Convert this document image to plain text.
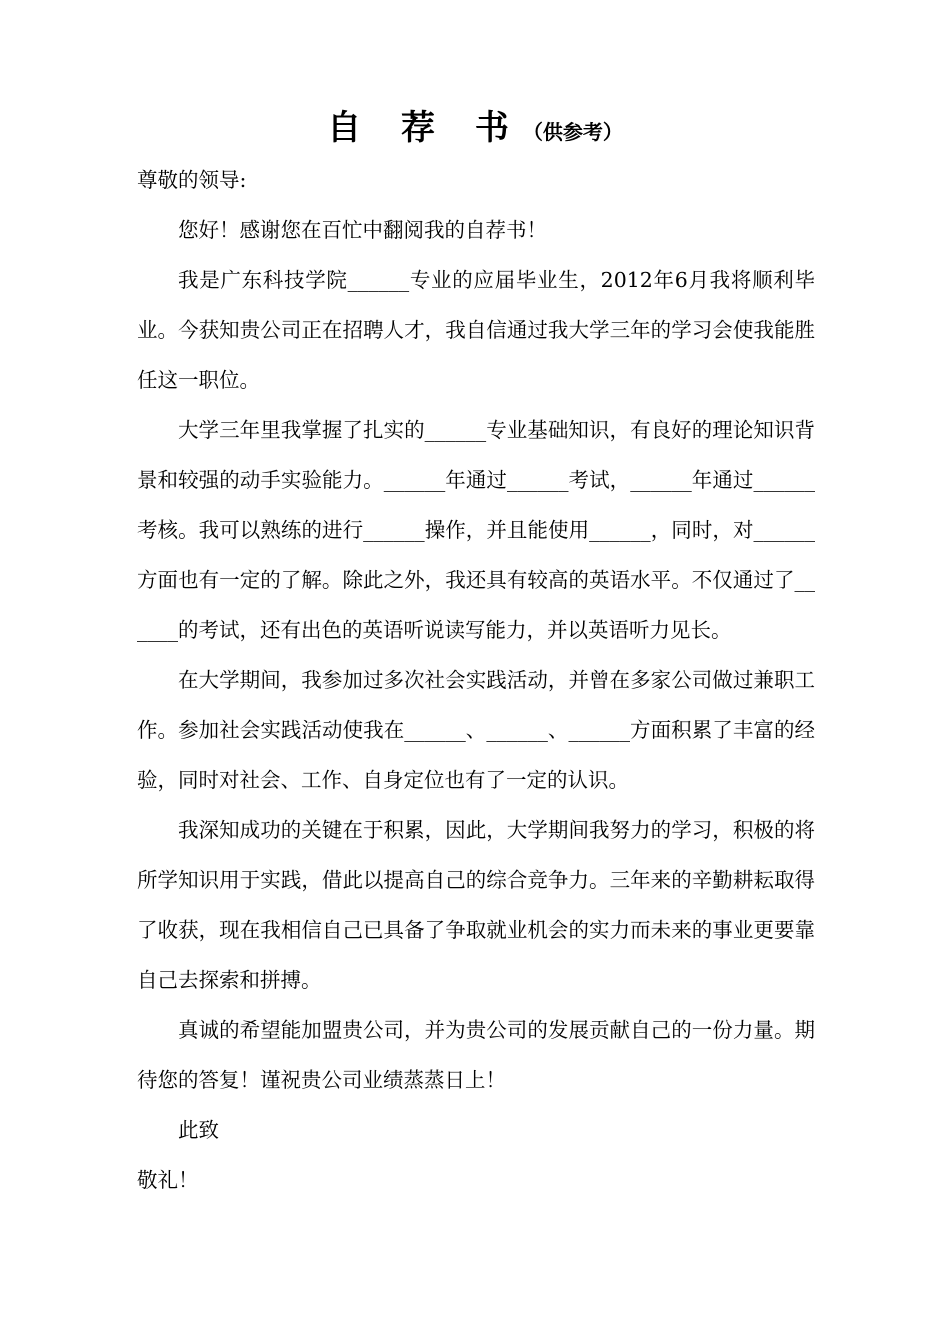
自 荐 书（供参考）

尊敬的领导:

您好！感谢您在百忙中翻阅我的自荐书！

我是广东科技学院______专业的应届毕业生，2012年6月我将顺利毕业。今获知贵公司正在招聘人才，我自信通过我大学三年的学习会使我能胜任这一职位。

大学三年里我掌握了扎实的______专业基础知识，有良好的理论知识背景和较强的动手实验能力。______年通过______考试，______年通过______考核。我可以熟练的进行______操作，并且能使用______，同时，对______方面也有一定的了解。除此之外，我还具有较高的英语水平。不仅通过了______的考试，还有出色的英语听说读写能力，并以英语听力见长。

在大学期间，我参加过多次社会实践活动，并曾在多家公司做过兼职工作。参加社会实践活动使我在______、______、______方面积累了丰富的经验，同时对社会、工作、自身定位也有了一定的认识。

我深知成功的关键在于积累，因此，大学期间我努力的学习，积极的将所学知识用于实践，借此以提高自己的综合竞争力。三年来的辛勤耕耘取得了收获，现在我相信自己已具备了争取就业机会的实力而未来的事业更要靠自己去探索和拼搏。

真诚的希望能加盟贵公司，并为贵公司的发展贡献自己的一份力量。期待您的答复！谨祝贵公司业绩蒸蒸日上！

此致

敬礼！
